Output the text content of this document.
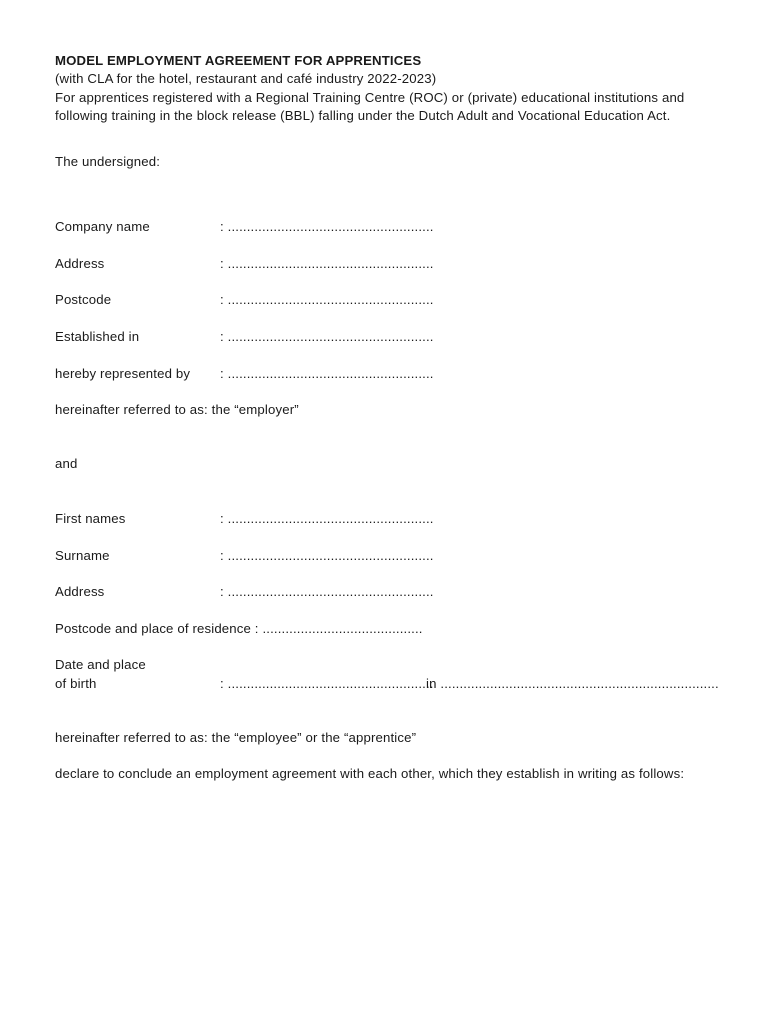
MODEL EMPLOYMENT AGREEMENT FOR APPRENTICES
(with CLA for the hotel, restaurant and café industry 2022-2023)
For apprentices registered with a Regional Training Centre (ROC) or (private) educational institutions and
following training in the block release (BBL) falling under the Dutch Adult and Vocational Education Act.
The undersigned:
Company name	: ......................................................
Address	: ......................................................
Postcode	: ......................................................
Established in	: ......................................................
hereby represented by : ......................................................
hereinafter referred to as: the “employer”
and
First names	: ......................................................
Surname	: ......................................................
Address	: ......................................................
Postcode and place of residence : ..........................................
Date and place
of birth	: ......................................................
in .........................................................................
hereinafter referred to as: the “employee” or the “apprentice”
declare to conclude an employment agreement with each other, which they establish in writing as follows:
